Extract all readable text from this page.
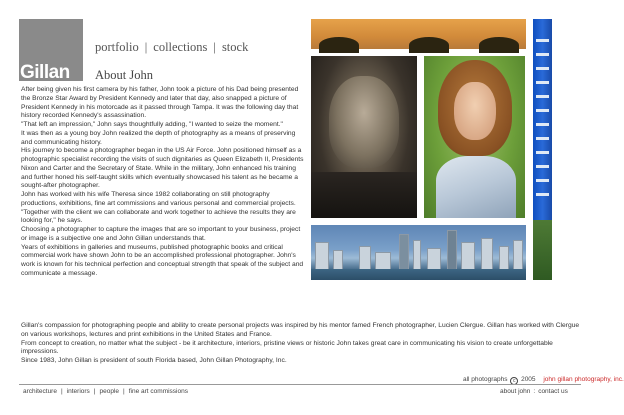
Gillan
portfolio | collections | stock
About John

After being given his first camera by his father, John took a picture of his Dad being presented the Bronze Star Award by President Kennedy and later that day, also snapped a picture of President Kennedy in his motorcade as it passed through Tampa. It was the following day that history recorded Kennedy's assassination.

"That left an impression," John says thoughtfully adding, "I wanted to seize the moment."

It was then as a young boy John realized the depth of photography as a means of preserving and communicating history.

His journey to become a photographer began in the US Air Force. John positioned himself as a photographic specialist recording the visits of such dignitaries as Queen Elizabeth II, Presidents Nixon and Carter and the Secretary of State. While in the military, John enhanced his training and further honed his self-taught skills which eventually showcased his talent as he became a sought-after photographer.

John has worked with his wife Theresa since 1982 collaborating on still photography productions, exhibitions, fine art commissions and various personal and commercial projects.

"Together with the client we can collaborate and work together to achieve the results they are looking for," he says.

Choosing a photographer to capture the images that are so important to your business, project or image is a subjective one and John Gillan understands that.

Years of exhibitions in galleries and museums, published photographic books and critical commercial work have shown John to be an accomplished professional photographer. John's work is known for his technical perfection and conceptual strength that speak of the subject and communicate a message.

Gillan's compassion for photographing people and ability to create personal projects was inspired by his mentor famed French photographer, Lucien Clergue. Gillan has worked with Clergue on various workshops, lectures and print exhibitions in the United States and France.

From concept to creation, no matter what the subject - be it architecture, interiors, pristine views or historic John takes great care in communicating his vision to create unforgettable impressions.

Since 1983, John Gillan is president of south Florida based, John Gillan Photography, Inc.

all photographs c 2005 john gillan photography, inc.
architecture | interiors | people | fine art commissions	about john : contact us
